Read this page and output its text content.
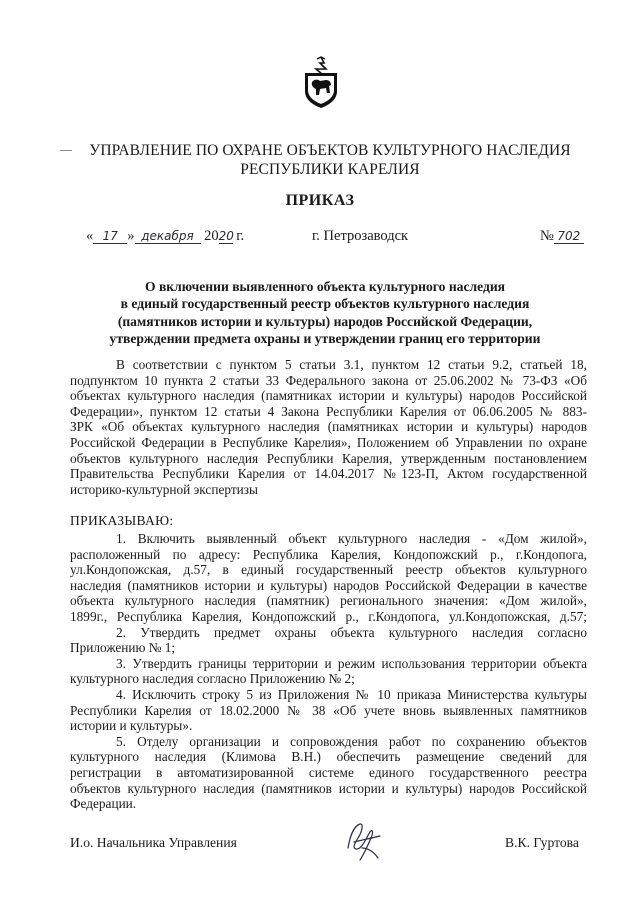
УПРАВЛЕНИЕ ПО ОХРАНЕ ОБЪЕКТОВ КУЛЬТУРНОГО НАСЛЕДИЯ
РЕСПУБЛИКИ КАРЕЛИЯ
ПРИКАЗ
« 17 » декабря 2020 г.	г. Петрозаводск	№ 702
О включении выявленного объекта культурного наследия
в единый государственный реестр объектов культурного наследия
(памятников истории и культуры) народов Российской Федерации,
утверждении предмета охраны и утверждении границ его территории
В соответствии с пунктом 5 статьи 3.1, пунктом 12 статьи 9.2, статьей 18,
подпунктом 10 пункта 2 статьи 33 Федерального закона от 25.06.2002 № 73-ФЗ «Об
объектах культурного наследия (памятниках истории и культуры) народов Российской
Федерации», пунктом 12 статьи 4 Закона Республики Карелия от 06.06.2005 № 883-
ЗРК «Об объектах культурного наследия (памятниках истории и культуры) народов
Российской Федерации в Республике Карелия», Положением об Управлении по охране
объектов культурного наследия Республики Карелия, утвержденным постановлением
Правительства Республики Карелия от 14.04.2017 №123-П, Актом государственной
историко-культурной экспертизы
ПРИКАЗЫВАЮ:
1. Включить выявленный объект культурного наследия - «Дом жилой»,
расположенный по адресу: Республика Карелия, Кондопожский р., г.Кондопога,
ул.Кондопожская, д.57, в единый государственный реестр объектов культурного
наследия (памятников истории и культуры) народов Российской Федерации в качестве
объекта культурного наследия (памятник) регионального значения: «Дом жилой»,
1899г., Республика Карелия, Кондопожский р., г.Кондопога, ул.Кондопожская, д.57;
2. Утвердить предмет охраны объекта культурного наследия согласно
Приложению № 1;
3. Утвердить границы территории и режим использования территории объекта
культурного наследия согласно Приложению № 2;
4. Исключить строку 5 из Приложения № 10 приказа Министерства культуры
Республики Карелия от 18.02.2000 № 38 «Об учете вновь выявленных памятников
истории и культуры».
5. Отделу организации и сопровождения работ по сохранению объектов
культурного наследия (Климова В.Н.) обеспечить размещение сведений для
регистрации в автоматизированной системе единого государственного реестра
объектов культурного наследия (памятников истории и культуры) народов Российской
Федерации.
И.о. Начальника Управления	В.К. Гуртова
